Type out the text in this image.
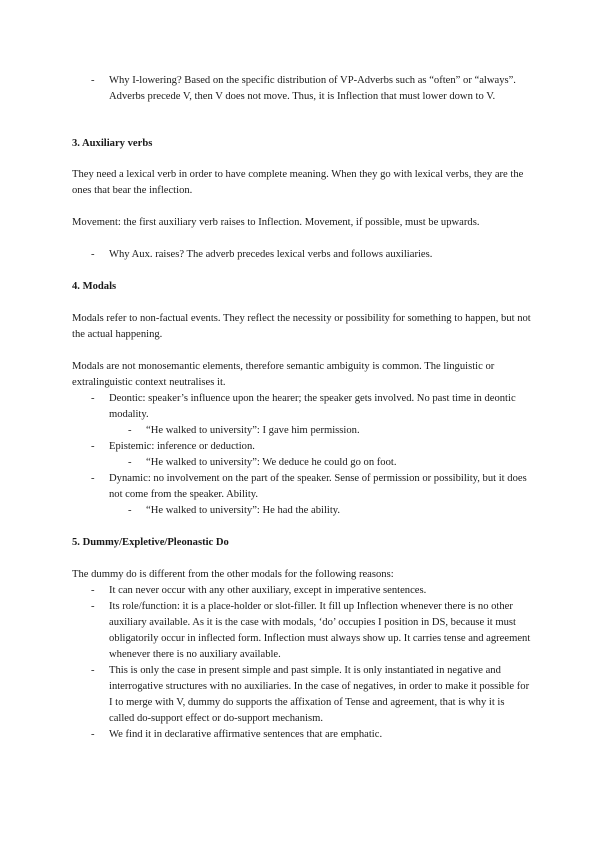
- Why I-lowering? Based on the specific distribution of VP-Adverbs such as “often” or “always”. Adverbs precede V, then V does not move. Thus, it is Inflection that must lower down to V.
3. Auxiliary verbs

They need a lexical verb in order to have complete meaning. When they go with lexical verbs, they are the ones that bear the inflection.

Movement: the first auxiliary verb raises to Inflection. Movement, if possible, must be upwards.

- Why Aux. raises? The adverb precedes lexical verbs and follows auxiliaries.
4. Modals

Modals refer to non-factual events. They reflect the necessity or possibility for something to happen, but not the actual happening.

Modals are not monosemantic elements, therefore semantic ambiguity is common. The linguistic or extralinguistic context neutralises it.

- Deontic: speaker’s influence upon the hearer; the speaker gets involved. No past time in deontic modality.
- “He walked to university”: I gave him permission.
- Epistemic: inference or deduction.
- “He walked to university”: We deduce he could go on foot.
- Dynamic: no involvement on the part of the speaker. Sense of permission or possibility, but it does not come from the speaker. Ability.
- “He walked to university”: He had the ability.
5. Dummy/Expletive/Pleonastic Do

The dummy do is different from the other modals for the following reasons:

- It can never occur with any other auxiliary, except in imperative sentences.
- Its role/function: it is a place-holder or slot-filler. It fill up Inflection whenever there is no other auxiliary available. As it is the case with modals, ‘do’ occupies I position in DS, because it must obligatorily occur in inflected form. Inflection must always show up. It carries tense and agreement whenever there is no auxiliary available.
- This is only the case in present simple and past simple. It is only instantiated in negative and interrogative structures with no auxiliaries. In the case of negatives, in order to make it possible for I to merge with V, dummy do supports the affixation of Tense and agreement, that is why it is called do-support effect or do-support mechanism.
- We find it in declarative affirmative sentences that are emphatic.
